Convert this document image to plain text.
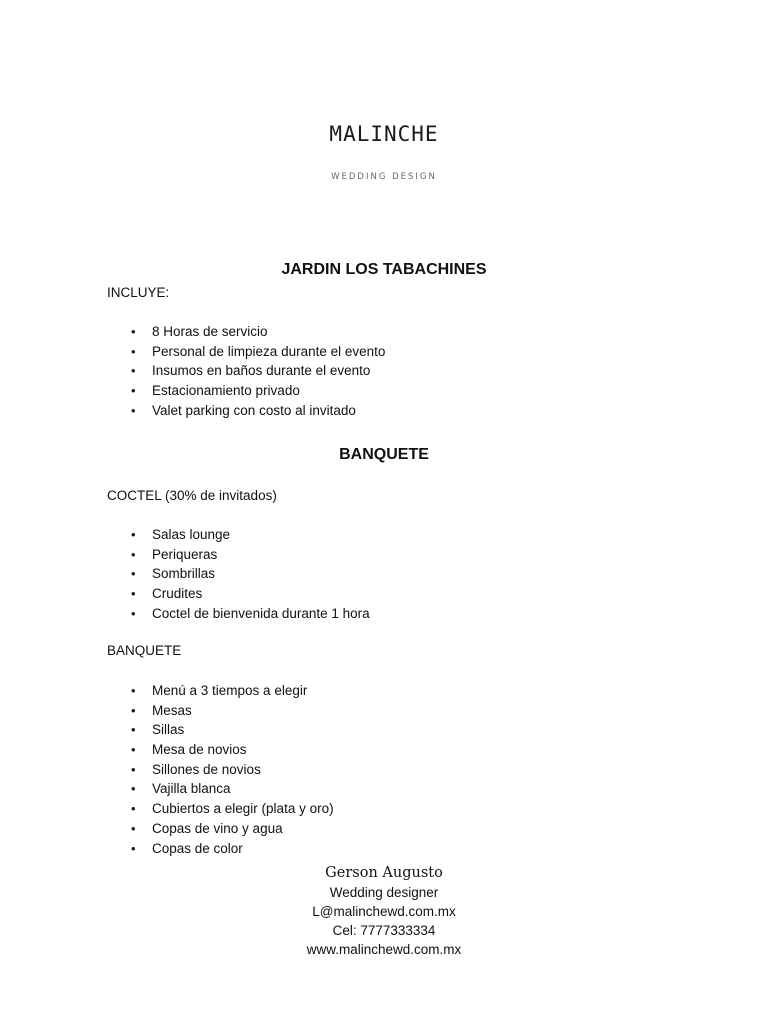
MALINCHE
WEDDING DESIGN
JARDIN LOS TABACHINES
INCLUYE:
• 8 Horas de servicio
• Personal de limpieza durante el evento
• Insumos en baños durante el evento
• Estacionamiento privado
• Valet parking con costo al invitado
BANQUETE
COCTEL (30% de invitados)
• Salas lounge
• Periqueras
• Sombrillas
• Crudites
• Coctel de bienvenida durante 1 hora
BANQUETE
• Menú a 3 tiempos a elegir
• Mesas
• Sillas
• Mesa de novios
• Sillones de novios
• Vajilla blanca
• Cubiertos a elegir (plata y oro)
• Copas de vino y agua
• Copas de color
Gerson Augusto
Wedding designer
L@malinchewd.com.mx
Cel: 7777333334
www.malinchewd.com.mx
